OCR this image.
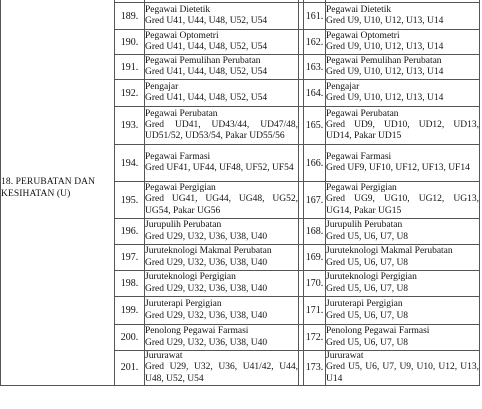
18. PERUBATAN DAN KESIHATAN (U)					
	189.	Pegawai Dietetik
Gred U41, U44, U48, U52, U54		161.	Pegawai Dietetik
Gred U9, U10, U12, U13, U14

	190.	Pegawai Optometri
Gred U41, U44, U48, U52, U54		162.	Pegawai Optometri
Gred U9, U10, U12, U13, U14

	191.	Pegawai Pemulihan Perubatan
Gred U41, U44, U48, U52, U54		163.	Pegawai Pemulihan Perubatan
Gred U9, U10, U12, U13, U14

	192.	Pengajar
Gred U41, U44, U48, U52, U54		164.	Pengajar
Gred U9, U10, U12, U13, U14

	193.	Pegawai Perubatan
Gred UD41, UD43/44, UD47/48, UD51/52, UD53/54, Pakar UD55/56		165.	Pegawai Perubatan
Gred UD9, UD10, UD12, UD13, UD14, Pakar UD15

	194.	Pegawai Farmasi
Gred UF41, UF44, UF48, UF52, UF54		166.	Pegawai Farmasi
Gred UF9, UF10, UF12, UF13, UF14

	195.	Pegawai Pergigian
Gred UG41, UG44, UG48, UG52, UG54, Pakar UG56		167.	Pegawai Pergigian
Gred UG9, UG10, UG12, UG13, UG14, Pakar UG15

	196.	Jurupulih Perubatan
Gred U29, U32, U36, U38, U40		168.	Jurupulih Perubatan
Gred U5, U6, U7, U8

	197.	Juruteknologi Makmal Perubatan
Gred U29, U32, U36, U38, U40		169.	Juruteknologi Makmal Perubatan
Gred U5, U6, U7, U8

	198.	Juruteknologi Pergigian
Gred U29, U32, U36, U38, U40		170.	Juruteknologi Pergigian
Gred U5, U6, U7, U8

	199.	Juruterapi Pergigian
Gred U29, U32, U36, U38, U40		171.	Juruterapi Pergigian
Gred U5, U6, U7, U8

	200.	Penolong Pegawai Farmasi
Gred U29, U32, U36, U38, U40		172.	Penolong Pegawai Farmasi
Gred U5, U6, U7, U8

	201.	Jururawat
Gred U29, U32, U36, U41/42, U44, U48, U52, U54		173.	Jururawat
Gred U5, U6, U7, U9, U10, U12, U13, U14
